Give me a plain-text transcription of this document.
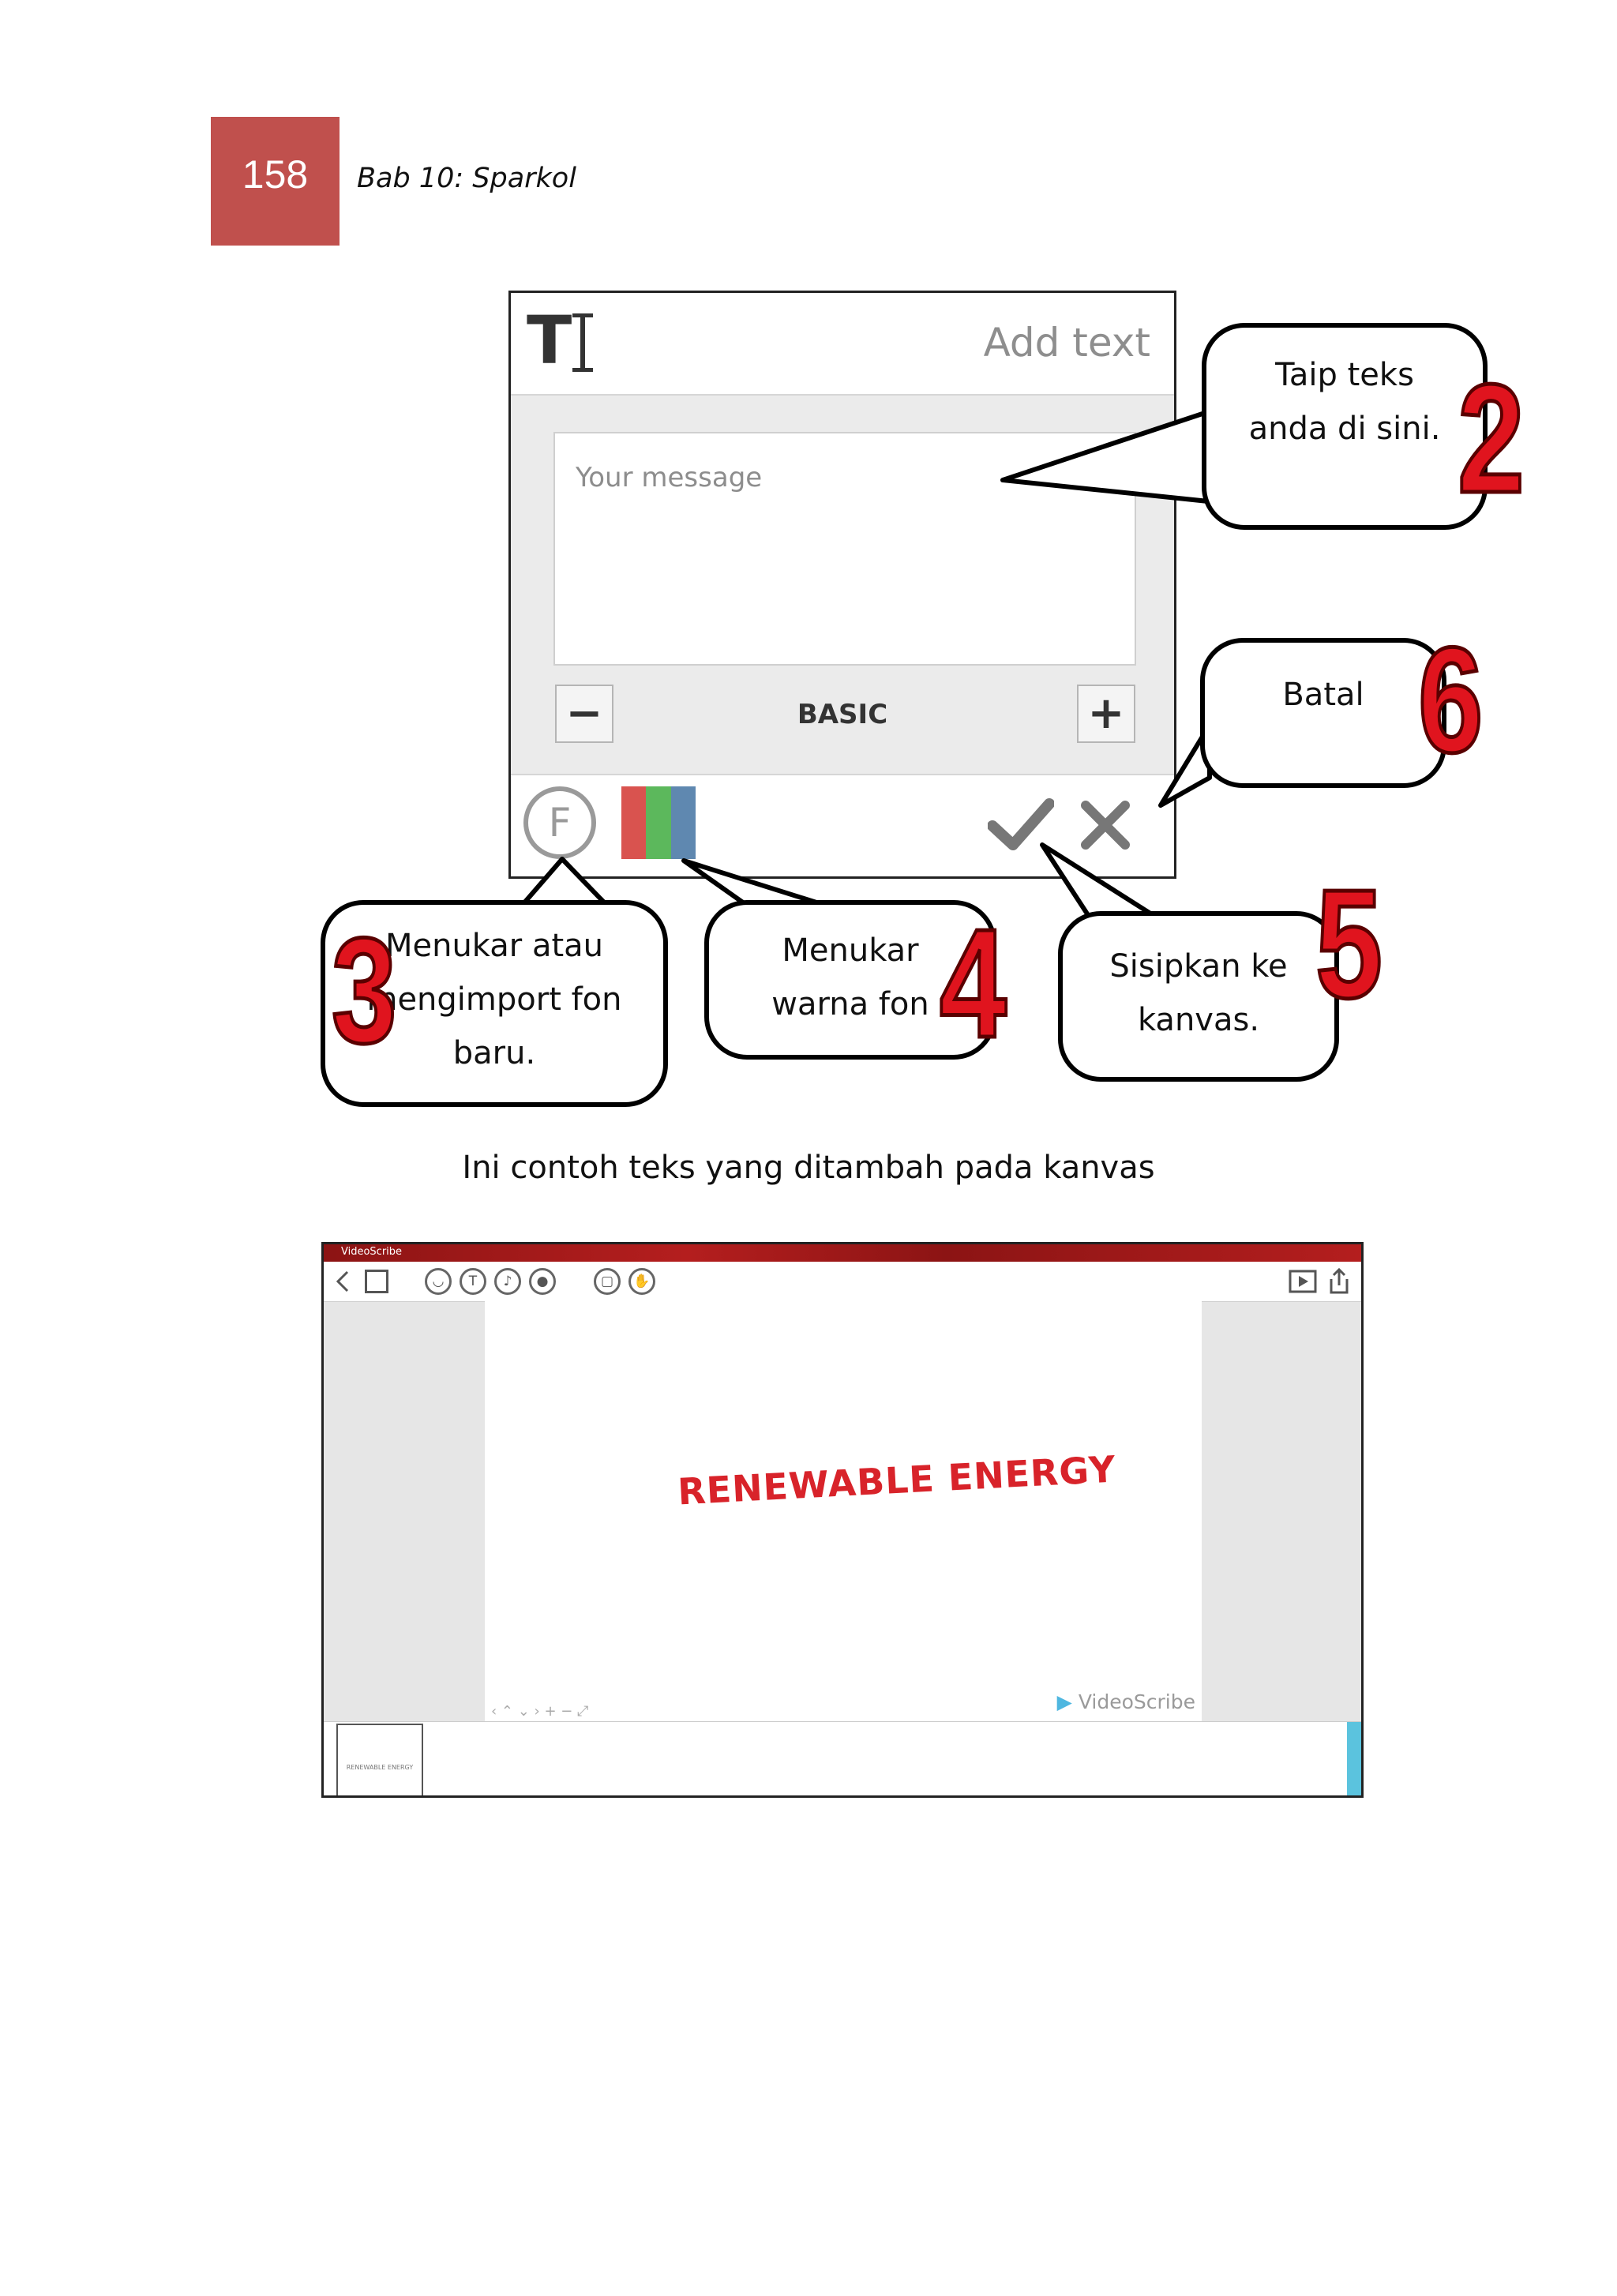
158 Bab 10: Sparkol
T	Add text
Your message
−	BASIC	+
F
Taip teks
anda di sini. 2
Batal 6
Menukar atau
mengimport fon
baru.
3	Menukar
warna fon 4	Sisipkan ke
kanvas. 5
Ini contoh teks yang ditambah pada kanvas
VideoScribe
◡	T	♪	●	▢	✋
RENEWABLE ENERGY
▶ VideoScribe
‹ ⌃ ⌄ › + − ⤢
RENEWABLE ENERGY
